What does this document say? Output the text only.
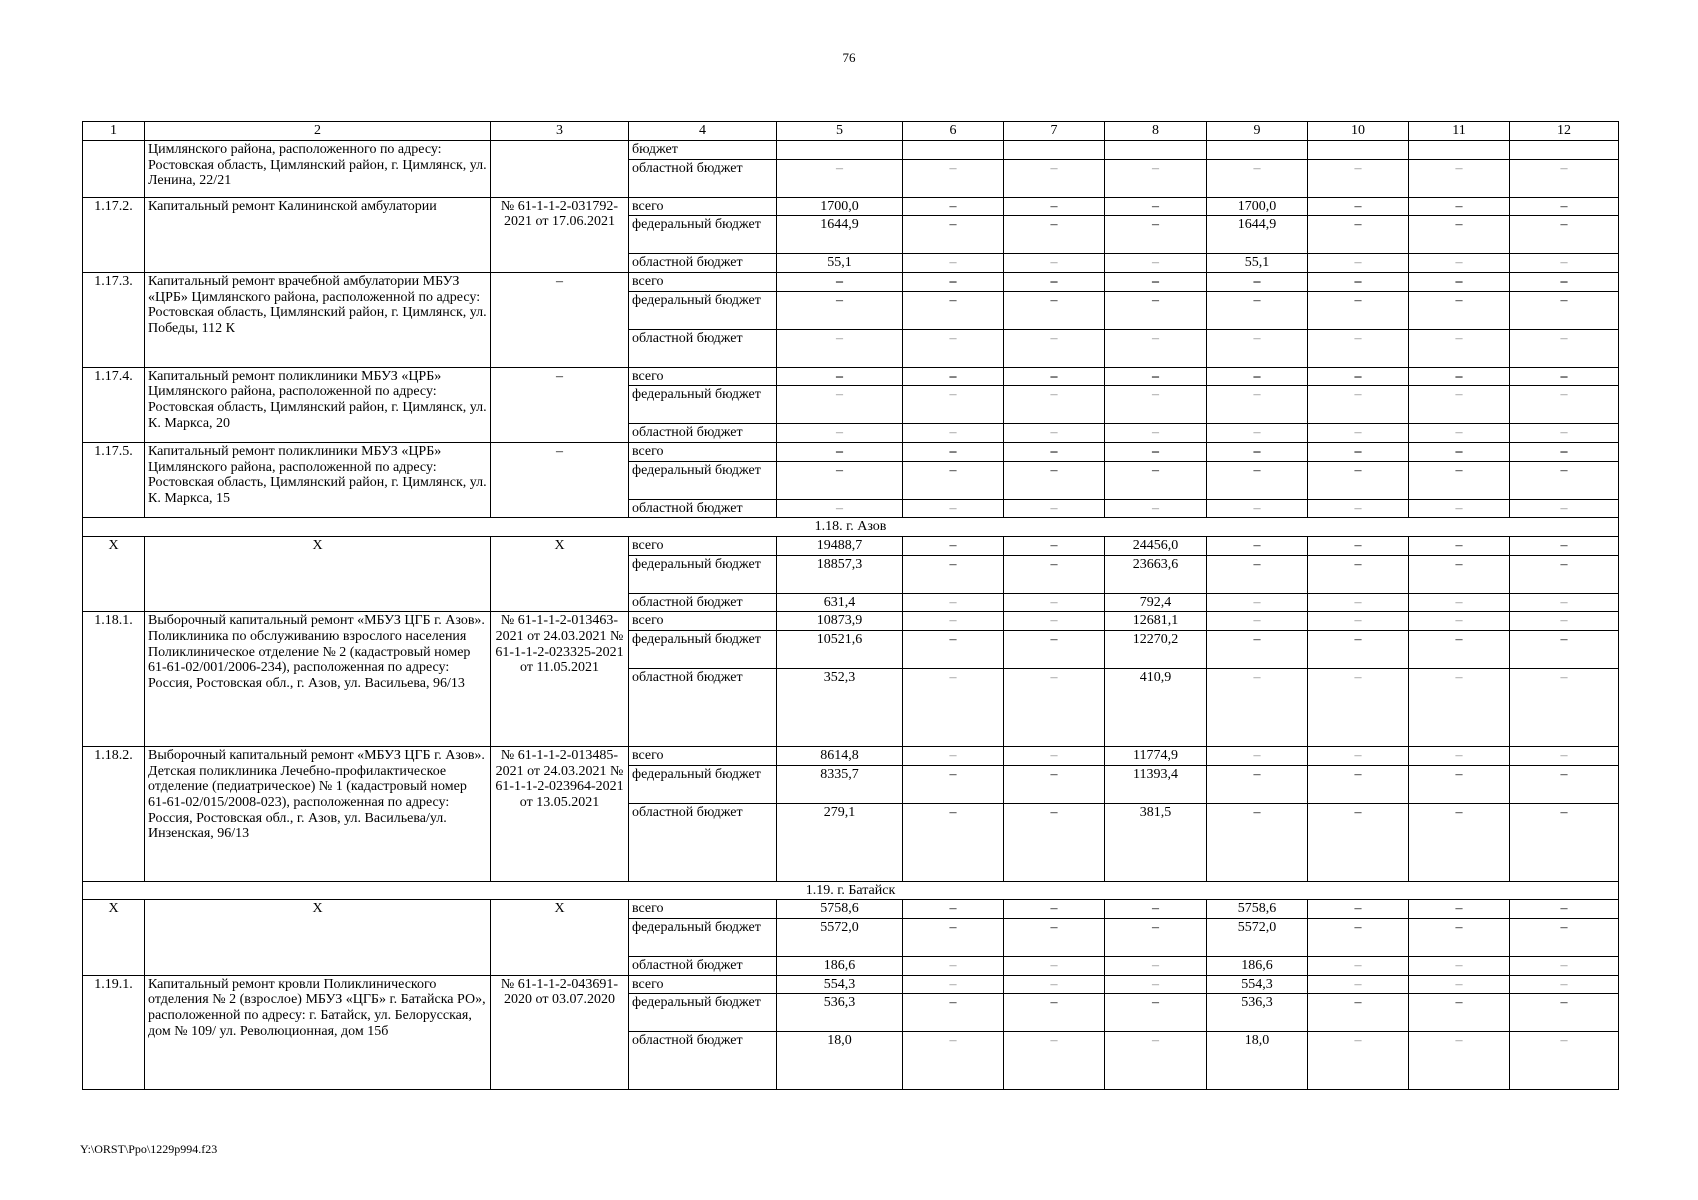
76
1	2	3	4	5	6	7	8	9	10	11	12
	Цимлянского района, расположенного по адресу: Ростовская область, Цимлянский район, г. Цимлянск, ул. Ленина, 22/21		бюджет								
			областной бюджет	–	–	–	–	–	–	–	–
1.17.2.	Капитальный ремонт Калининской амбулатории	№ 61-1-1-2-031792-2021 от 17.06.2021	всего	1700,0	–	–	–	1700,0	–	–	–
			федеральный бюджет	1644,9	–	–	–	1644,9	–	–	–
			областной бюджет	55,1	–	–	–	55,1	–	–	–
1.17.3.	Капитальный ремонт врачебной амбулатории МБУЗ «ЦРБ» Цимлянского района, расположенной по адресу: Ростовская область, Цимлянский район, г. Цимлянск, ул. Победы, 112 К	–	всего	–	–	–	–	–	–	–	–
			федеральный бюджет	–	–	–	–	–	–	–	–
			областной бюджет	–	–	–	–	–	–	–	–
1.17.4.	Капитальный ремонт поликлиники МБУЗ «ЦРБ» Цимлянского района, расположенной по адресу: Ростовская область, Цимлянский район, г. Цимлянск, ул. К. Маркса, 20	–	всего	–	–	–	–	–	–	–	–
			федеральный бюджет	–	–	–	–	–	–	–	–
			областной бюджет	–	–	–	–	–	–	–	–
1.17.5.	Капитальный ремонт поликлиники МБУЗ «ЦРБ» Цимлянского района, расположенной по адресу: Ростовская область, Цимлянский район, г. Цимлянск, ул. К. Маркса, 15	–	всего	–	–	–	–	–	–	–	–
			федеральный бюджет	–	–	–	–	–	–	–	–
			областной бюджет	–	–	–	–	–	–	–	–
1.18. г. Азов											
Х	Х	Х	всего	19488,7	–	–	24456,0	–	–	–	–
			федеральный бюджет	18857,3	–	–	23663,6	–	–	–	–
			областной бюджет	631,4	–	–	792,4	–	–	–	–
1.18.1.	Выборочный капитальный ремонт «МБУЗ ЦГБ г. Азов». Поликлиника по обслуживанию взрослого населения Поликлиническое отделение № 2 (кадастровый номер 61-61-02/001/2006-234), расположенная по адресу: Россия, Ростовская обл., г. Азов, ул. Васильева, 96/13	№ 61-1-1-2-013463-2021 от 24.03.2021 № 61-1-1-2-023325-2021 от 11.05.2021	всего	10873,9	–	–	12681,1	–	–	–	–
			федеральный бюджет	10521,6	–	–	12270,2	–	–	–	–
			областной бюджет	352,3	–	–	410,9	–	–	–	–
1.18.2.	Выборочный капитальный ремонт «МБУЗ ЦГБ г. Азов». Детская поликлиника Лечебно-профилактическое отделение (педиатрическое) № 1 (кадастровый номер 61-61-02/015/2008-023), расположенная по адресу: Россия, Ростовская обл., г. Азов, ул. Васильева/ул. Инзенская, 96/13	№ 61-1-1-2-013485-2021 от 24.03.2021 № 61-1-1-2-023964-2021 от 13.05.2021	всего	8614,8	–	–	11774,9	–	–	–	–
			федеральный бюджет	8335,7	–	–	11393,4	–	–	–	–
			областной бюджет	279,1	–	–	381,5	–	–	–	–
1.19. г. Батайск											
Х	Х	Х	всего	5758,6	–	–	–	5758,6	–	–	–
			федеральный бюджет	5572,0	–	–	–	5572,0	–	–	–
			областной бюджет	186,6	–	–	–	186,6	–	–	–
1.19.1.	Капитальный ремонт кровли Поликлинического отделения № 2 (взрослое) МБУЗ «ЦГБ» г. Батайска РО», расположенной по адресу: г. Батайск, ул. Белорусская, дом № 109/ ул. Революционная, дом 15б	№ 61-1-1-2-043691-2020 от 03.07.2020	всего	554,3	–	–	–	554,3	–	–	–
			федеральный бюджет	536,3	–	–	–	536,3	–	–	–
			областной бюджет	18,0	–	–	–	18,0	–	–	–
Y:\ORST\Ppo\1229p994.f23
